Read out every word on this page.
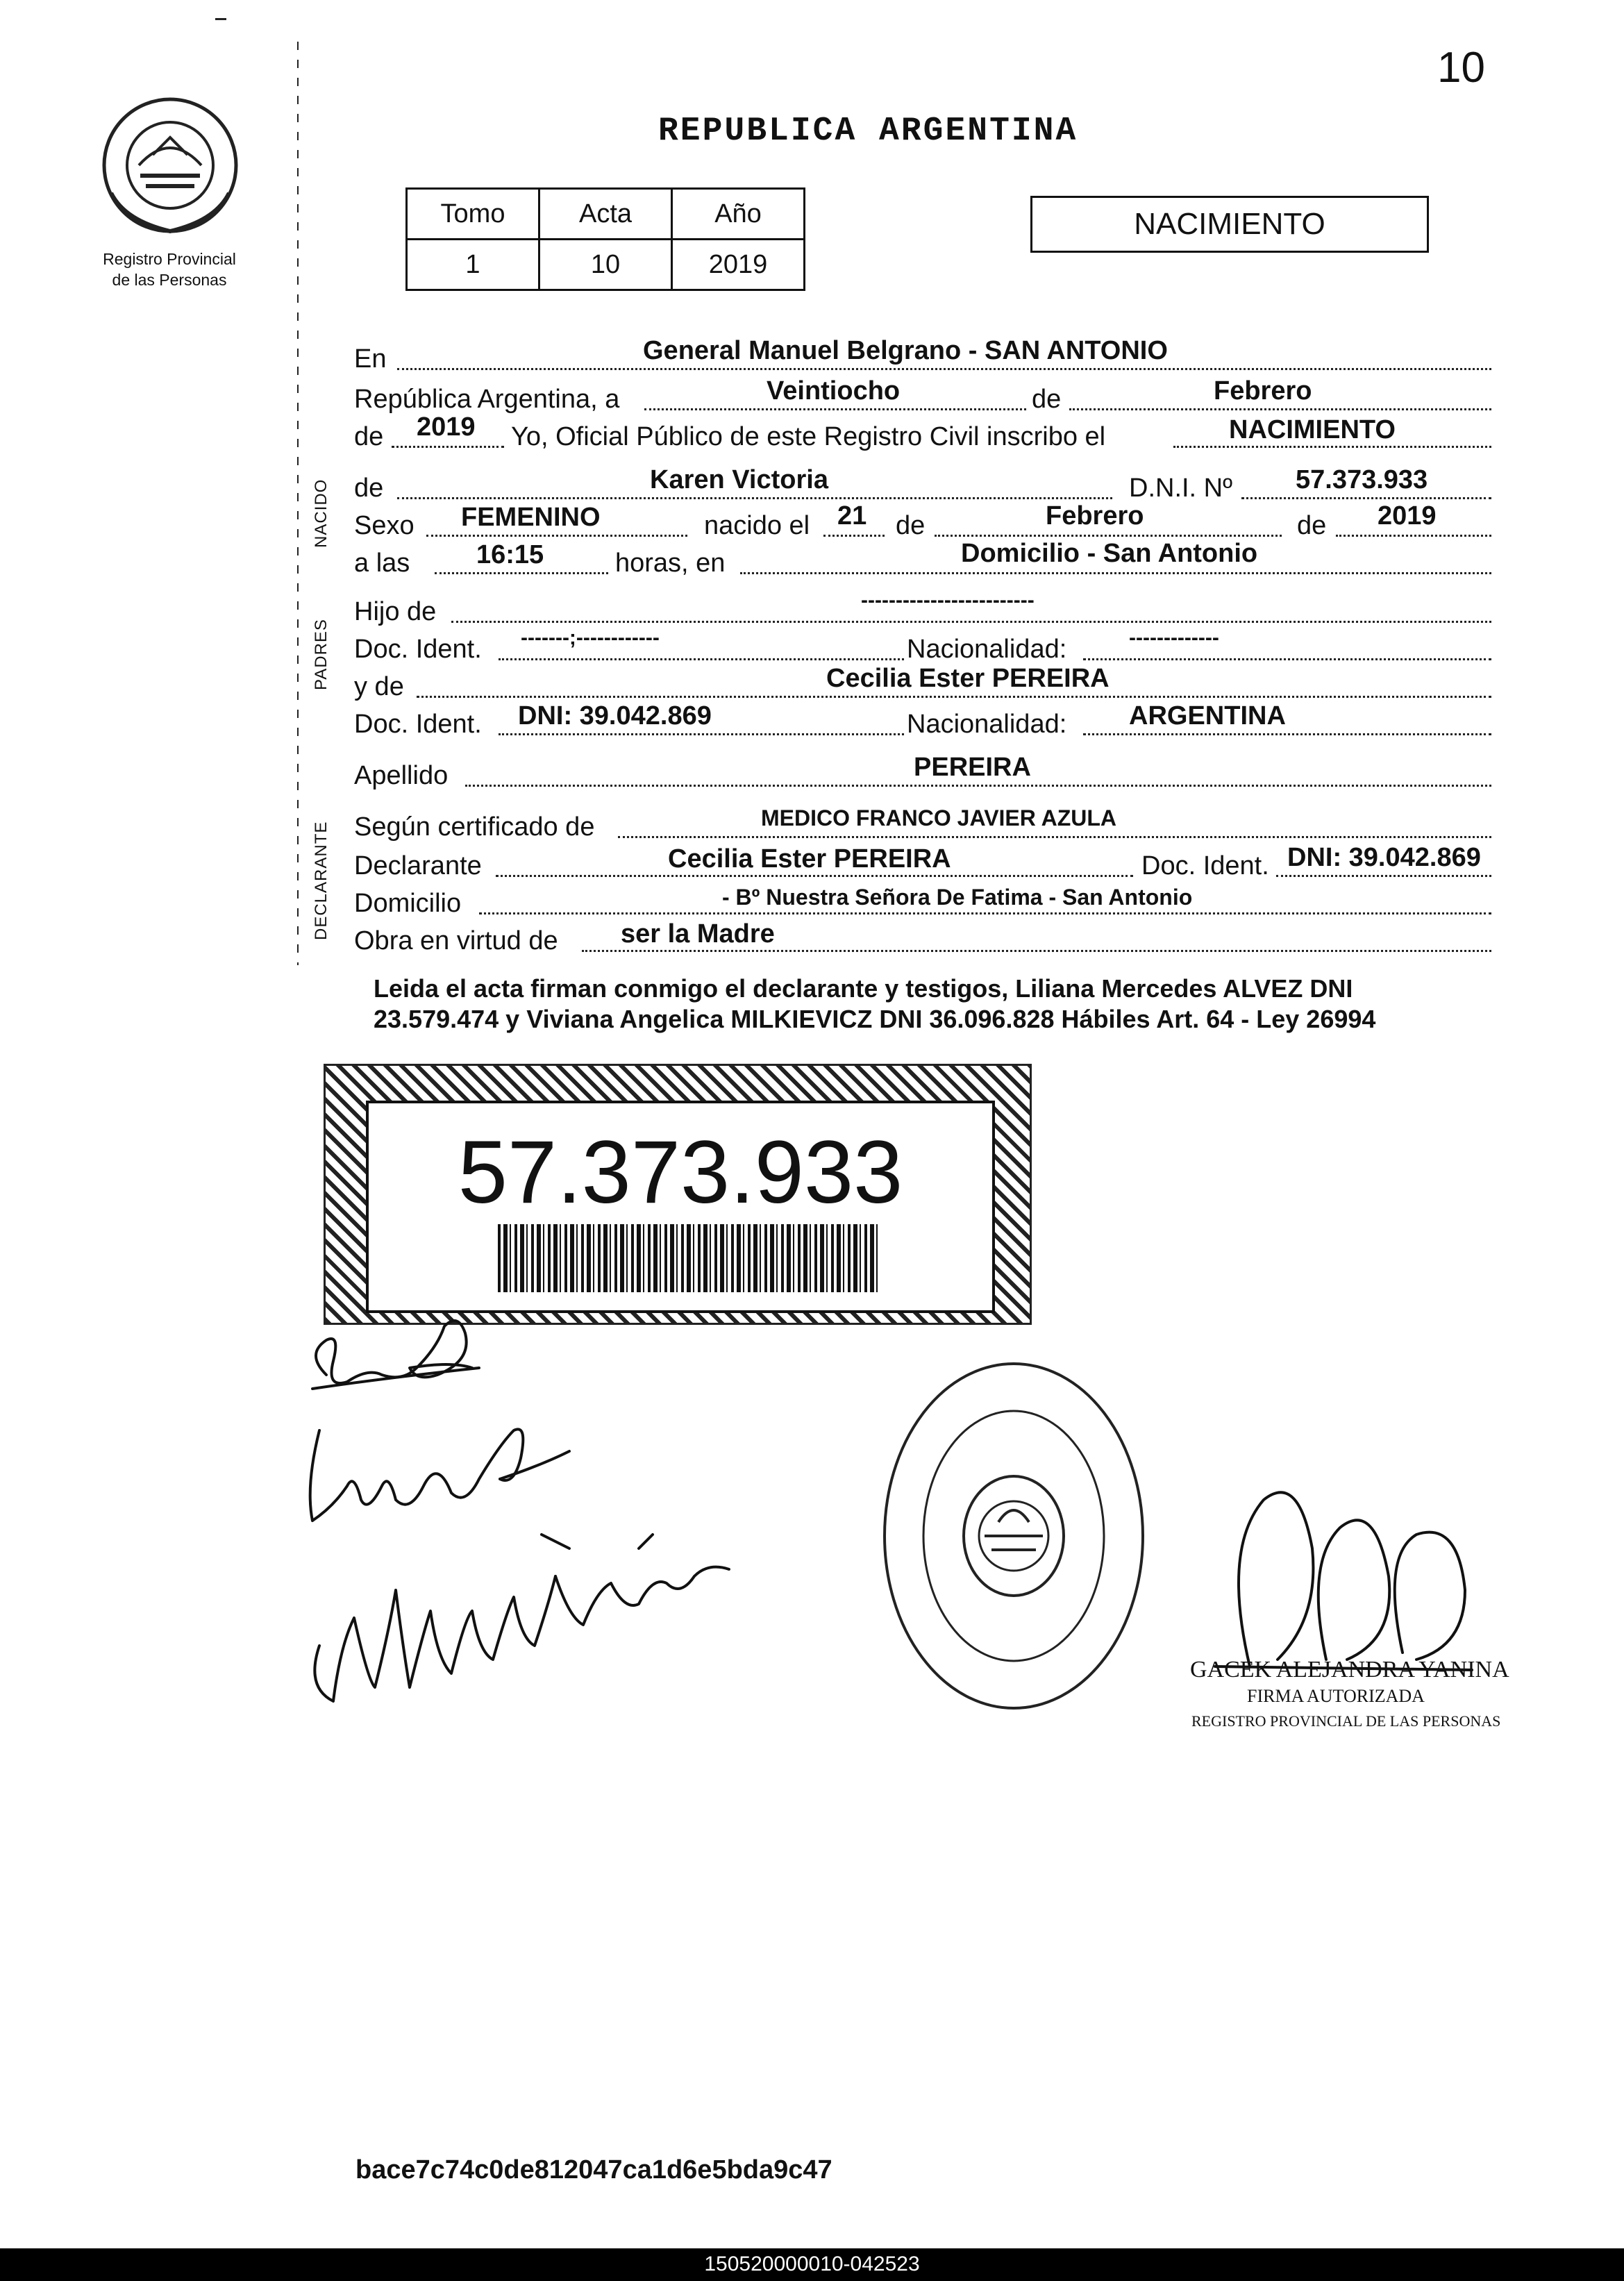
10
Registro Provincial
de las Personas
REPUBLICA ARGENTINA
Tomo	Acta	Año
1	10	2019
NACIMIENTO
En	General Manuel Belgrano - SAN ANTONIO
República Argentina, a	Veintiocho	de	Febrero
de 2019 Yo, Oficial Público de este Registro Civil inscribo el	NACIMIENTO
NACIDO de	Karen Victoria	D.N.I. Nº 57.373.933
Sexo FEMENINO	nacido el 21 de	Febrero	de 2019
a las	16:15	horas, en	Domicilio - San Antonio
PADRES
Hijo de	-------------------------
Doc. Ident. -------;------------	Nacionalidad:	-------------
y de	Cecilia Ester PEREIRA
Doc. Ident. DNI: 39.042.869	Nacionalidad: ARGENTINA
Apellido	PEREIRA
DECLARANTE Según certificado de	MEDICO FRANCO JAVIER AZULA
Declarante	Cecilia Ester PEREIRA	Doc. Ident. DNI: 39.042.869
Domicilio	- Bº Nuestra Señora De Fatima - San Antonio
Obra en virtud de ser la Madre
Leida el acta firman conmigo el declarante y testigos, Liliana Mercedes ALVEZ DNI 23.579.474 y Viviana Angelica MILKIEVICZ DNI 36.096.828 Hábiles Art. 64 - Ley 26994
57.373.933
GACEK ALEJANDRA YANINA
FIRMA AUTORIZADA
REGISTRO PROVINCIAL DE LAS PERSONAS
bace7c74c0de812047ca1d6e5bda9c47
150520000010-042523
